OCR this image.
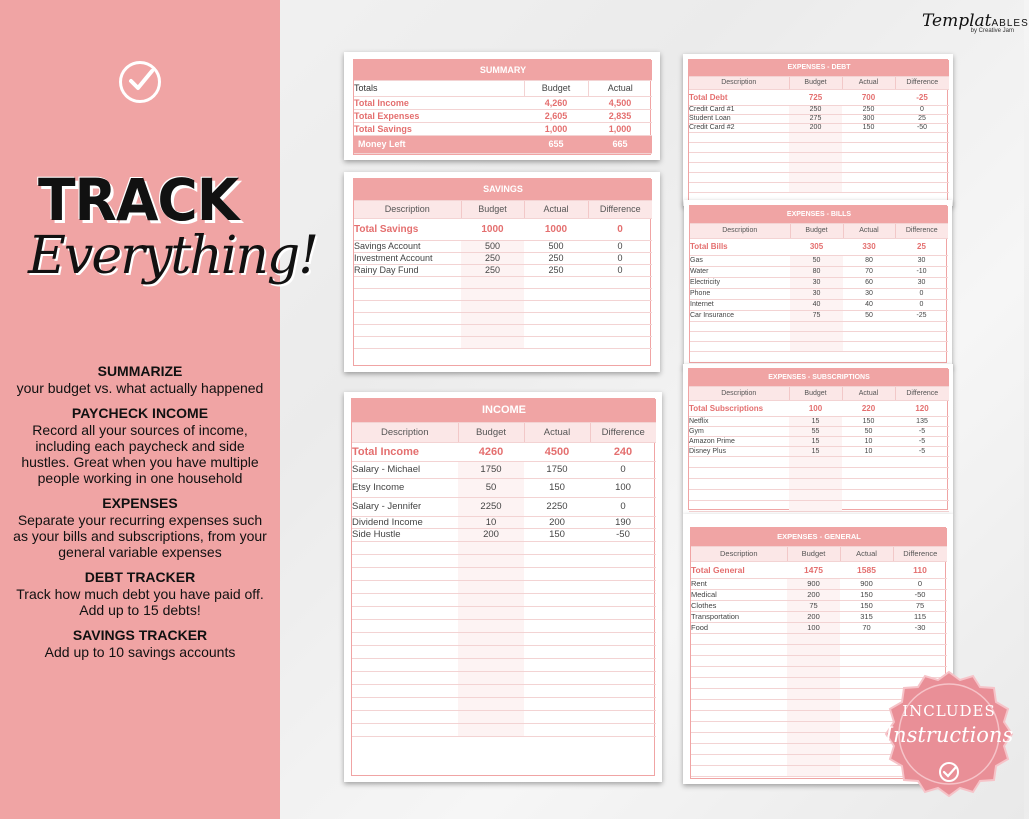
TRACK
Everything!
SUMMARIZE

your budget vs. what actually happened

PAYCHECK INCOME

Record all your sources of income, including each paycheck and side hustles. Great when you have multiple people working in one household

EXPENSES

Separate your recurring expenses such as your bills and subscriptions, from your general variable expenses

DEBT TRACKER

Track how much debt you have paid off. Add up to 15 debts!

SAVINGS TRACKER

Add up to 10 savings accounts

TemplatABLES
by Creative Jam
SUMMARY		
Totals	Budget	Actual
Total Income	4,260	4,500
Total Expenses	2,605	2,835
Total Savings	1,000	1,000
Money Left	655	665
SAVINGS			
Description	Budget	Actual	Difference
Total Savings	1000	1000	0
Savings Account	500	500	0
Investment Account	250	250	0
Rainy Day Fund	250	250	0

INCOME			
Description	Budget	Actual	Difference
Total Income	4260	4500	240
Salary - Michael	1750	1750	0
Etsy Income	50	150	100
Salary - Jennifer	2250	2250	0
Dividend Income	10	200	190
Side Hustle	200	150	-50

EXPENSES - DEBT			
Description	Budget	Actual	Difference
Total Debt	725	700	-25
Credit Card #1	250	250	0
Student Loan	275	300	25
Credit Card #2	200	150	-50

EXPENSES - BILLS			
Description	Budget	Actual	Difference
Total Bills	305	330	25
Gas	50	80	30
Water	80	70	-10
Electricity	30	60	30
Phone	30	30	0
Internet	40	40	0
Car Insurance	75	50	-25

EXPENSES - SUBSCRIPTIONS			
Description	Budget	Actual	Difference
Total Subscriptions	100	220	120
Netflix	15	150	135
Gym	55	50	-5
Amazon Prime	15	10	-5
Disney Plus	15	10	-5

EXPENSES - GENERAL			
Description	Budget	Actual	Difference
Total General	1475	1585	110
Rent	900	900	0
Medical	200	150	-50
Clothes	75	150	75
Transportation	200	315	115
Food	100	70	-30

INCLUDES
Instructions
